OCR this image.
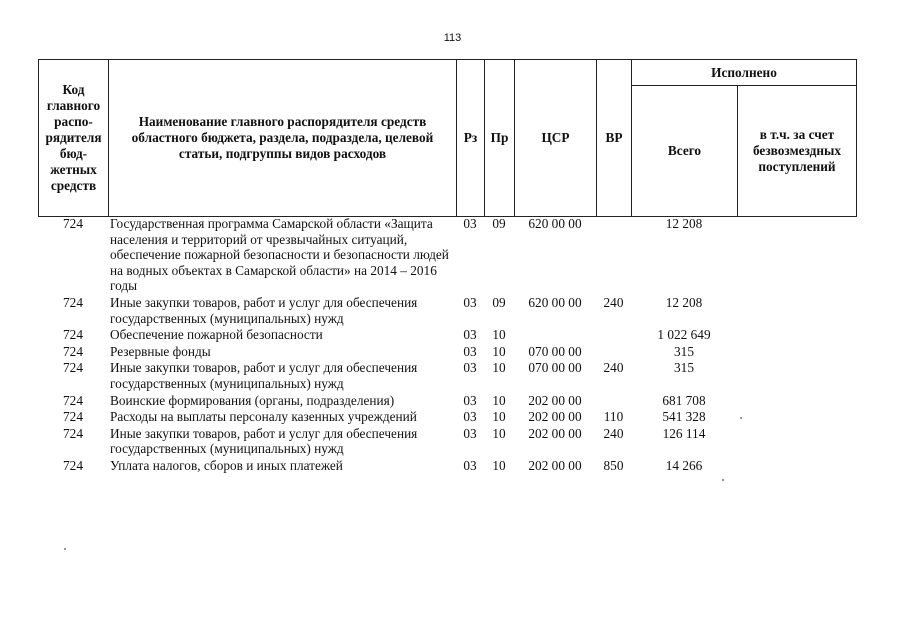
113
Код главного распо-рядителя бюд-жетных средств	Наименование главного распорядителя средств областного бюджета, раздела, подраздела, целевой статьи, подгруппы видов расходов	Рз	Пр	ЦСР	ВР	Исполнено	
						Всего	в т.ч. за счет безвозмездных поступлений
724	Государственная программа Самарской области «Защита населения и территорий от чрезвычайных ситуаций, обеспечение пожарной безопасности и безопасности людей на водных объектах в Самарской области» на 2014 – 2016 годы	03	09	620 00 00		12 208	
724	Иные закупки товаров, работ и услуг для обеспечения государственных (муниципальных) нужд	03	09	620 00 00	240	12 208	
724	Обеспечение пожарной безопасности	03	10			1 022 649	
724	Резервные фонды	03	10	070 00 00		315	
724	Иные закупки товаров, работ и услуг для обеспечения государственных (муниципальных) нужд	03	10	070 00 00	240	315	
724	Воинские формирования (органы, подразделения)	03	10	202 00 00		681 708	
724	Расходы на выплаты персоналу казенных учреждений	03	10	202 00 00	110	541 328	
724	Иные закупки товаров, работ и услуг для обеспечения государственных (муниципальных) нужд	03	10	202 00 00	240	126 114	
724	Уплата налогов, сборов и иных платежей	03	10	202 00 00	850	14 266	
